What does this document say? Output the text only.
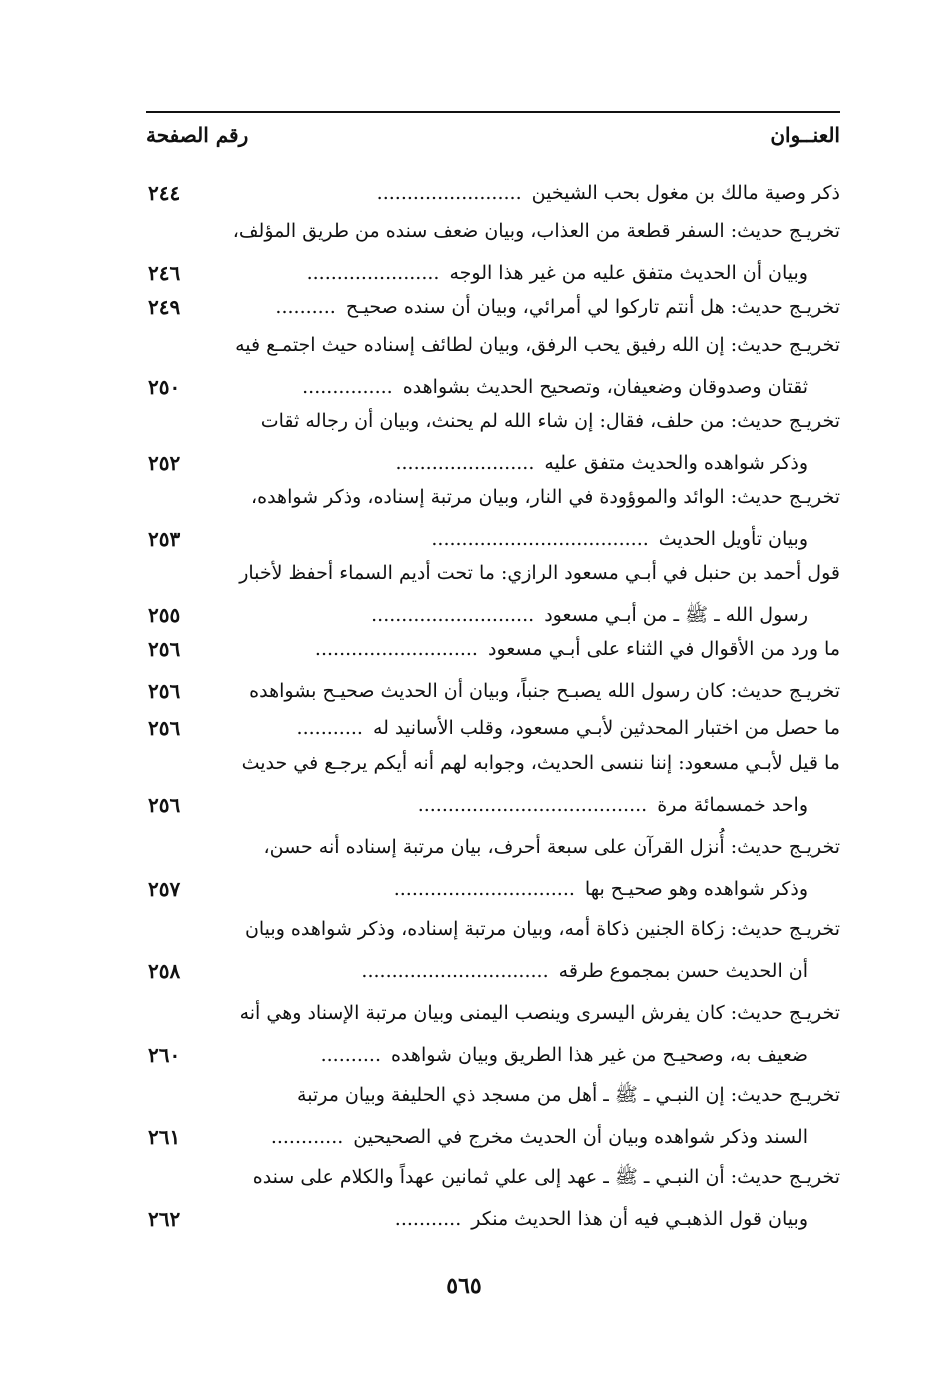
العنــوان
رقم الصفحة
ذكر وصية مالك بن مغول بحب الشيخين........................
٢٤٤
تخريـج حديث: السفر قطعة من العذاب، وبيان ضعف سنده من طريق المؤلف،
وبيان أن الحديث متفق عليه من غير هذا الوجه......................
٢٤٦
تخريـج حديث: هل أنتم تاركوا لي أمرائي، وبيان أن سنده صحيـح..........
٢٤٩
تخريـج حديث: إن الله رفيق يحب الرفق، وبيان لطائف إسناده حيث اجتمـع فيه
ثقتان وصدوقان وضعيفان، وتصحيح الحديث بشواهده...............
٢٥٠
تخريـج حديث: من حلف، فقال: إن شاء الله لم يحنث، وبيان أن رجاله ثقات
وذكر شواهده والحديث متفق عليه.......................
٢٥٢
تخريـج حديث: الوائد والموؤودة في النار، وبيان مرتبة إسناده، وذكر شواهده،
وبيان تأويل الحديث....................................
٢٥٣
قول أحمد بن حنبل في أبـي مسعود الرازي: ما تحت أديم السماء أحفظ لأخبار
رسول الله ـ ﷺ ـ من أبـي مسعود...........................
٢٥٥
ما ورد من الأقوال في الثناء على أبـي مسعود...........................
٢٥٦
تخريـج حديث: كان رسول الله يصبـح جنباً، وبيان أن الحديث صحيـح بشواهده
٢٥٦
ما حصل من اختبار المحدثين لأبـي مسعود، وقلب الأسانيد له...........
٢٥٦
ما قيل لأبـي مسعود: إننا ننسى الحديث، وجوابه لهم أنه أيكم يرجـع في حديث
واحد خمسمائة مرة......................................
٢٥٦
تخريـج حديث: أُنزل القرآن على سبعة أحرف، بيان مرتبة إسناده أنه حسن،
وذكر شواهده وهو صحيـح بها..............................
٢٥٧
تخريـج حديث: زكاة الجنين ذكاة أمه، وبيان مرتبة إسناده، وذكر شواهده وبيان
أن الحديث حسن بمجموع طرقه...............................
٢٥٨
تخريـج حديث: كان يفرش اليسرى وينصب اليمنى وبيان مرتبة الإسناد وهي أنه
ضعيف به، وصحيـح من غير هذا الطريق وبيان شواهده..........
٢٦٠
تخريـج حديث: إن النبـي ـ ﷺ ـ أهل من مسجد ذي الحليفة وبيان مرتبة
السند وذكر شواهده وبيان أن الحديث مخرج في الصحيحين............
٢٦١
تخريـج حديث: أن النبـي ـ ﷺ ـ عهد إلى علي ثمانين عهداً والكلام على سنده
وبيان قول الذهبـي فيه أن هذا الحديث منكر...........
٢٦٢
٥٦٥
